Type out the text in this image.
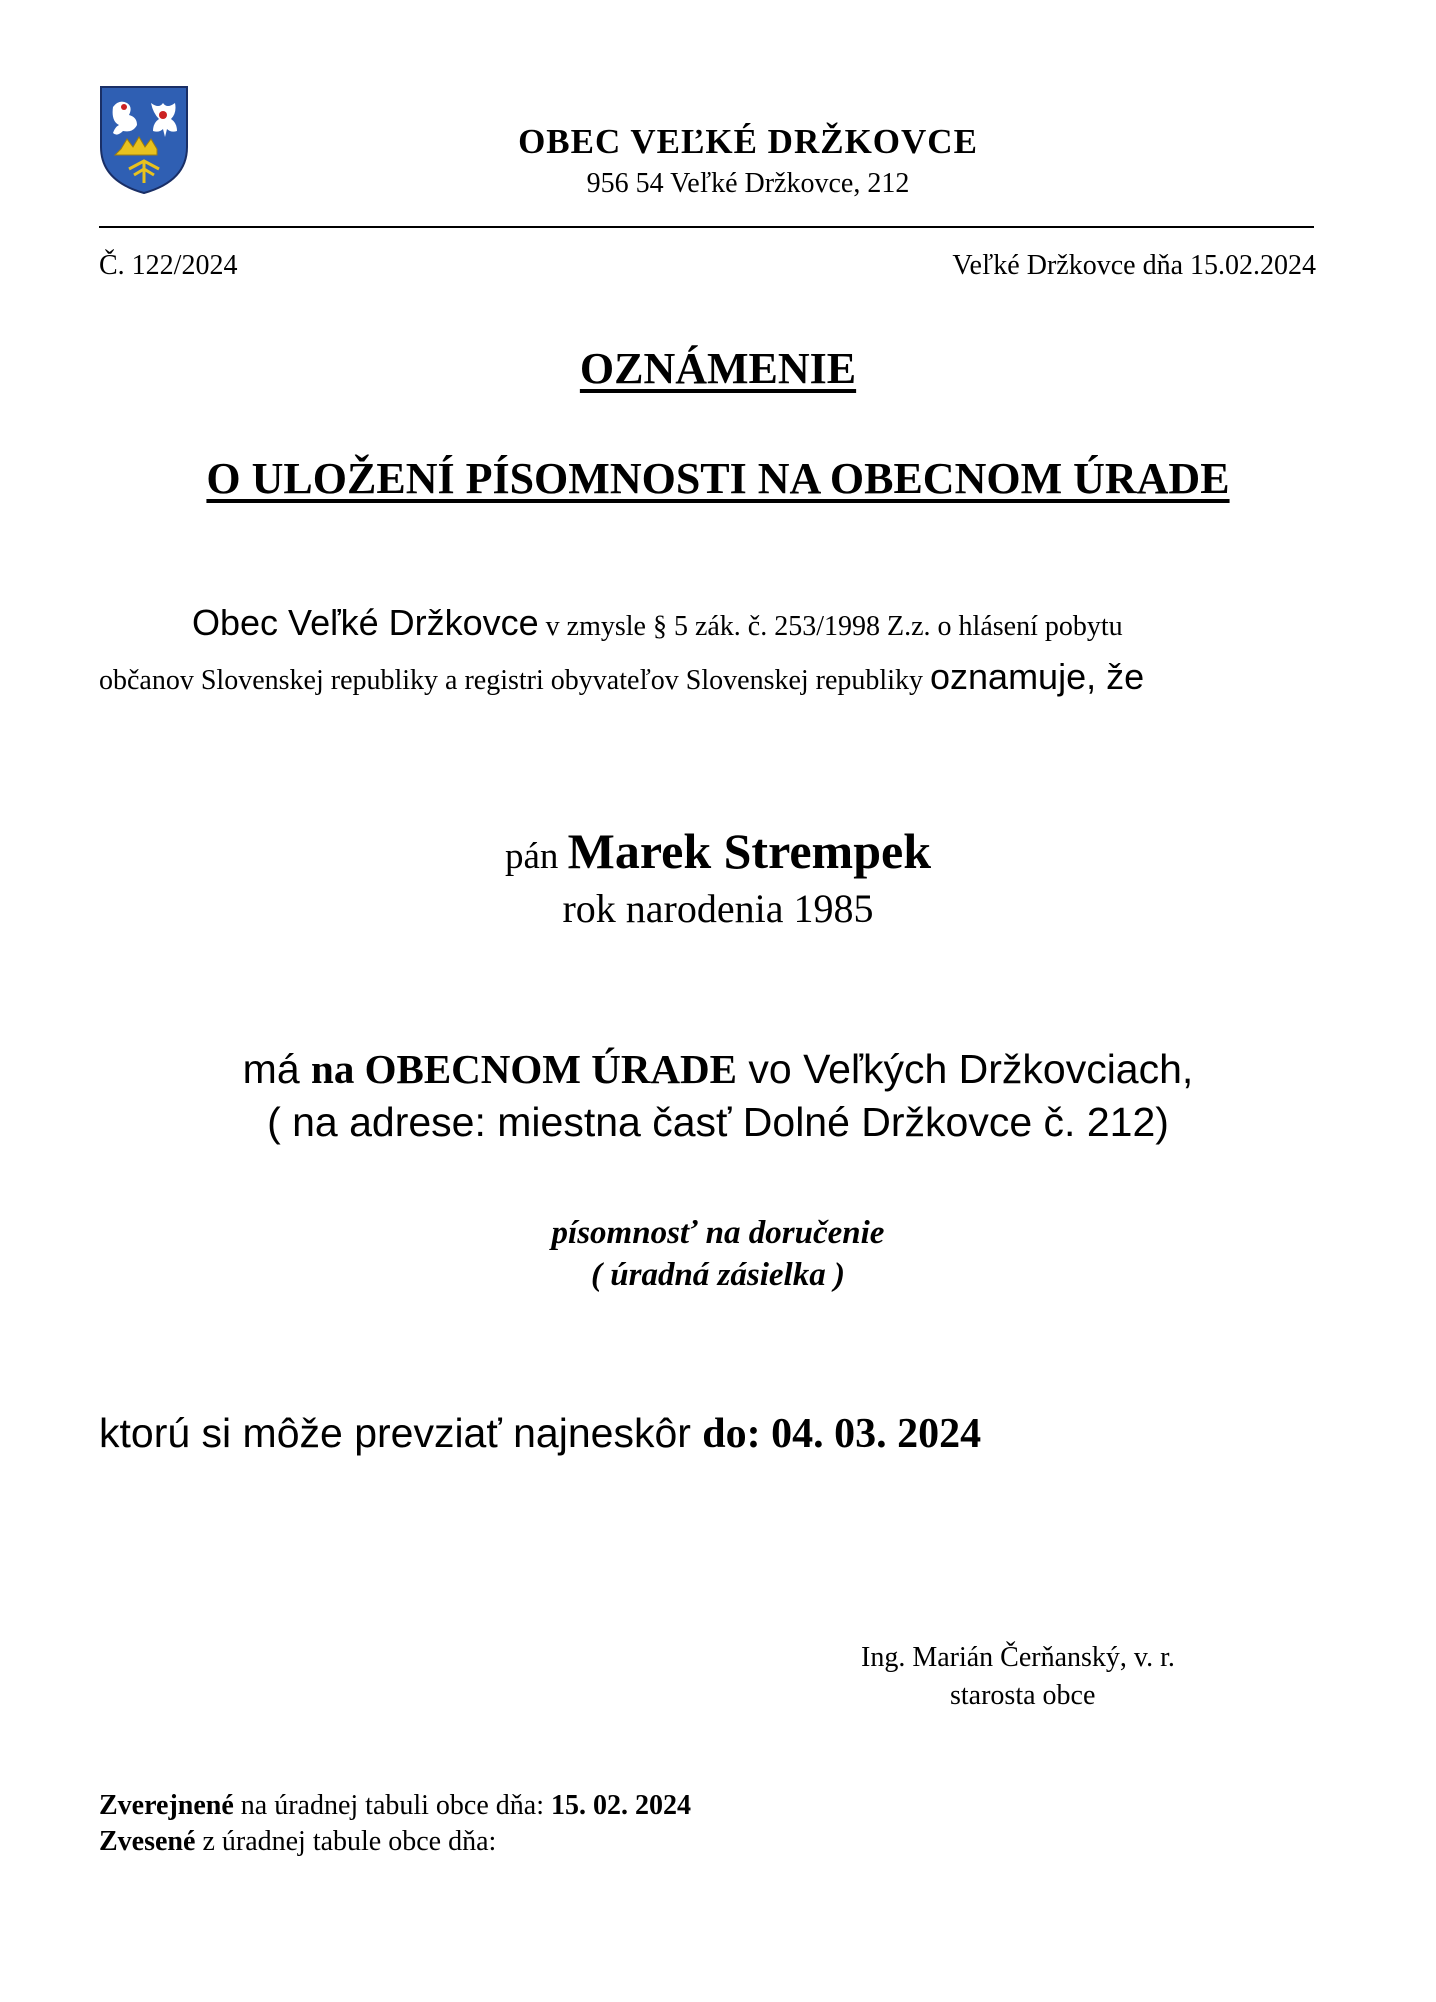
OBEC VEĽKÉ DRŽKOVCE
956 54 Veľké Držkovce, 212
Č. 122/2024	Veľké Držkovce dňa 15.02.2024
OZNÁMENIE
O ULOŽENÍ PÍSOMNOSTI NA OBECNOM ÚRADE
Obec Veľké Držkovce v zmysle § 5 zák. č. 253/1998 Z.z. o hlásení pobytu
občanov Slovenskej republiky a registri obyvateľov Slovenskej republiky oznamuje, že
pán Marek Strempek
rok narodenia 1985
má na OBECNOM ÚRADE vo Veľkých Držkovciach,
( na adrese: miestna časť Dolné Držkovce č. 212)
písomnosť na doručenie
( úradná zásielka )
ktorú si môže prevziať najneskôr do: 04. 03. 2024
Ing. Marián Čerňanský, v. r.
starosta obce
Zverejnené na úradnej tabuli obce dňa: 15. 02. 2024
Zvesené z úradnej tabule obce dňa:
